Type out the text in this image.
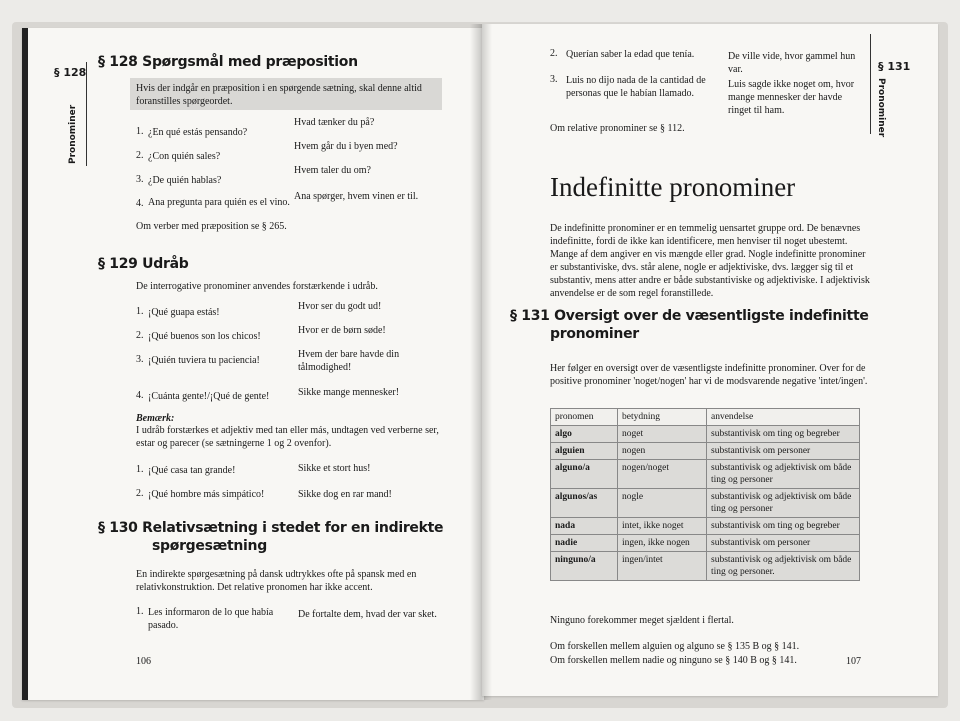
§ 128
Pronominer
§ 128 Spørgsmål med præposition
Hvis der indgår en præposition i en spørgende sætning, skal denne altid foranstilles spørgeordet.
1. ¿En qué estás pensando?
Hvad tænker du på?
2. ¿Con quién sales?
Hvem går du i byen med?
3. ¿De quién hablas?
Hvem taler du om?
4. Ana pregunta para quién es el vino.
Ana spørger, hvem vinen er til.
Om verber med præposition se § 265.
§ 129 Udråb
De interrogative pronominer anvendes forstærkende i udråb.
1. ¡Qué guapa estás!
Hvor ser du godt ud!
2. ¡Qué buenos son los chicos!
Hvor er de børn søde!
3. ¡Quién tuviera tu paciencia!
Hvem der bare havde din tålmodighed!
4. ¡Cuánta gente!/¡Qué de gente!	Sikke mange mennesker!
Bemærk:
I udråb forstærkes et adjektiv med tan eller más, undtagen ved verberne ser, estar og parecer (se sætningerne 1 og 2 ovenfor).
1. ¡Qué casa tan grande!	Sikke et stort hus!
2. ¡Qué hombre más simpático!	Sikke dog en rar mand!
§ 130 Relativsætning i stedet for en indirekte
spørgesætning
En indirekte spørgesætning på dansk udtrykkes ofte på spansk med en relativkonstruktion. Det relative pronomen har ikke accent.
1. Les informaron de lo que había pasado.
De fortalte dem, hvad der var sket.
106
§ 131
Pronominer
2. Querían saber la edad que tenía.	De ville vide, hvor gammel hun var.
3. Luis no dijo nada de la cantidad de personas que le habían llamado.
Luis sagde ikke noget om, hvor mange mennesker der havde ringet til ham.
Om relative pronominer se § 112.
Indefinitte pronominer
De indefinitte pronominer er en temmelig uensartet gruppe ord. De benævnes indefinitte, fordi de ikke kan identificere, men henviser til noget ubestemt. Mange af dem angiver en vis mængde eller grad. Nogle indefinitte pronominer er substantiviske, dvs. står alene, nogle er adjektiviske, dvs. lægger sig til et substantiv, mens atter andre er både substantiviske og adjektiviske. I adjektivisk anvendelse er de som regel foranstillede.
§ 131 Oversigt over de væsentligste indefinitte
pronominer
Her følger en oversigt over de væsentligste indefinitte pronominer. Over for de positive pronominer 'noget/nogen' har vi de modsvarende negative 'intet/ingen'.
pronomen	betydning	anvendelse
algo	noget	substantivisk om ting og begreber
alguien	nogen	substantivisk om personer
alguno/a	nogen/noget	substantivisk og adjektivisk om både ting og personer
algunos/as	nogle	substantivisk og adjektivisk om både ting og personer
nada	intet, ikke noget	substantivisk om ting og begreber
nadie	ingen, ikke nogen	substantivisk om personer
ninguno/a	ingen/intet	substantivisk og adjektivisk om både ting og personer.
Ninguno forekommer meget sjældent i flertal.
Om forskellen mellem alguien og alguno se § 135 B og § 141.
Om forskellen mellem nadie og ninguno se § 140 B og § 141.	107
